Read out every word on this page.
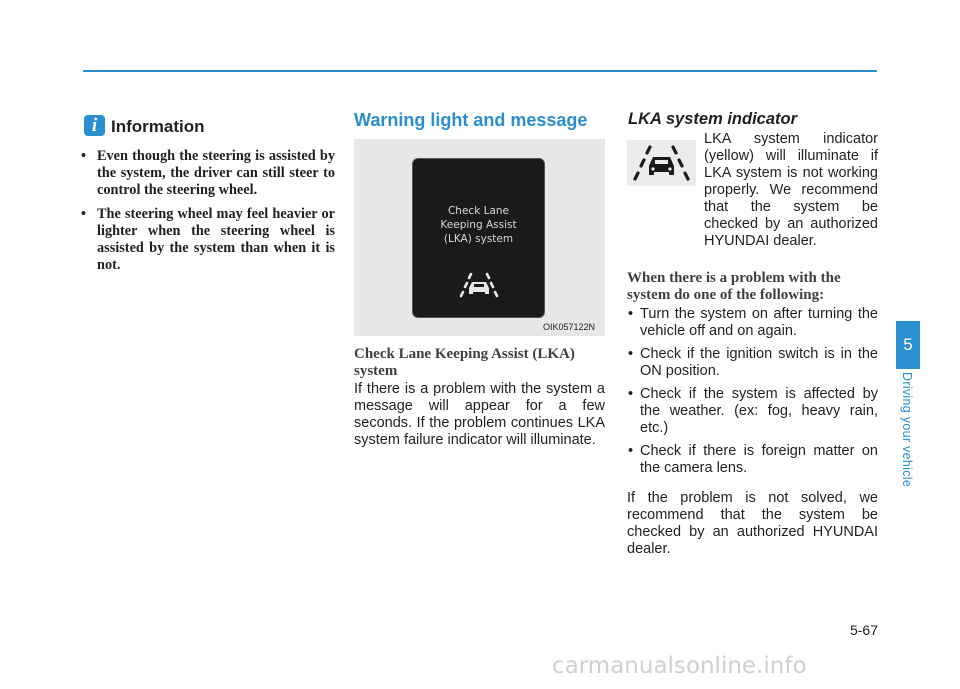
i Information
• Even though the steering is assisted by the system, the driver can still steer to control the steering wheel.
• The steering wheel may feel heavier or lighter when the steering wheel is assisted by the system than when it is not.
Warning light and message
Check Lane
Keeping Assist
(LKA) system
OIK057122N
Check Lane Keeping Assist (LKA) system

If there is a problem with the system a message will appear for a few seconds. If the problem continues LKA system failure indicator will illuminate.

LKA system indicator

LKA system indicator (yellow) will illuminate if LKA system is not working properly. We recommend that the system be checked by an authorized HYUNDAI dealer.

When there is a problem with the system do one of the following:
• Turn the system on after turning the vehicle off and on again.
• Check if the ignition switch is in the ON position.
• Check if the system is affected by the weather. (ex: fog, heavy rain, etc.)
• Check if there is foreign matter on the camera lens.

If the problem is not solved, we recommend that the system be checked by an authorized HYUNDAI dealer.

5
Driving your vehicle
5-67
carmanualsonline.info
